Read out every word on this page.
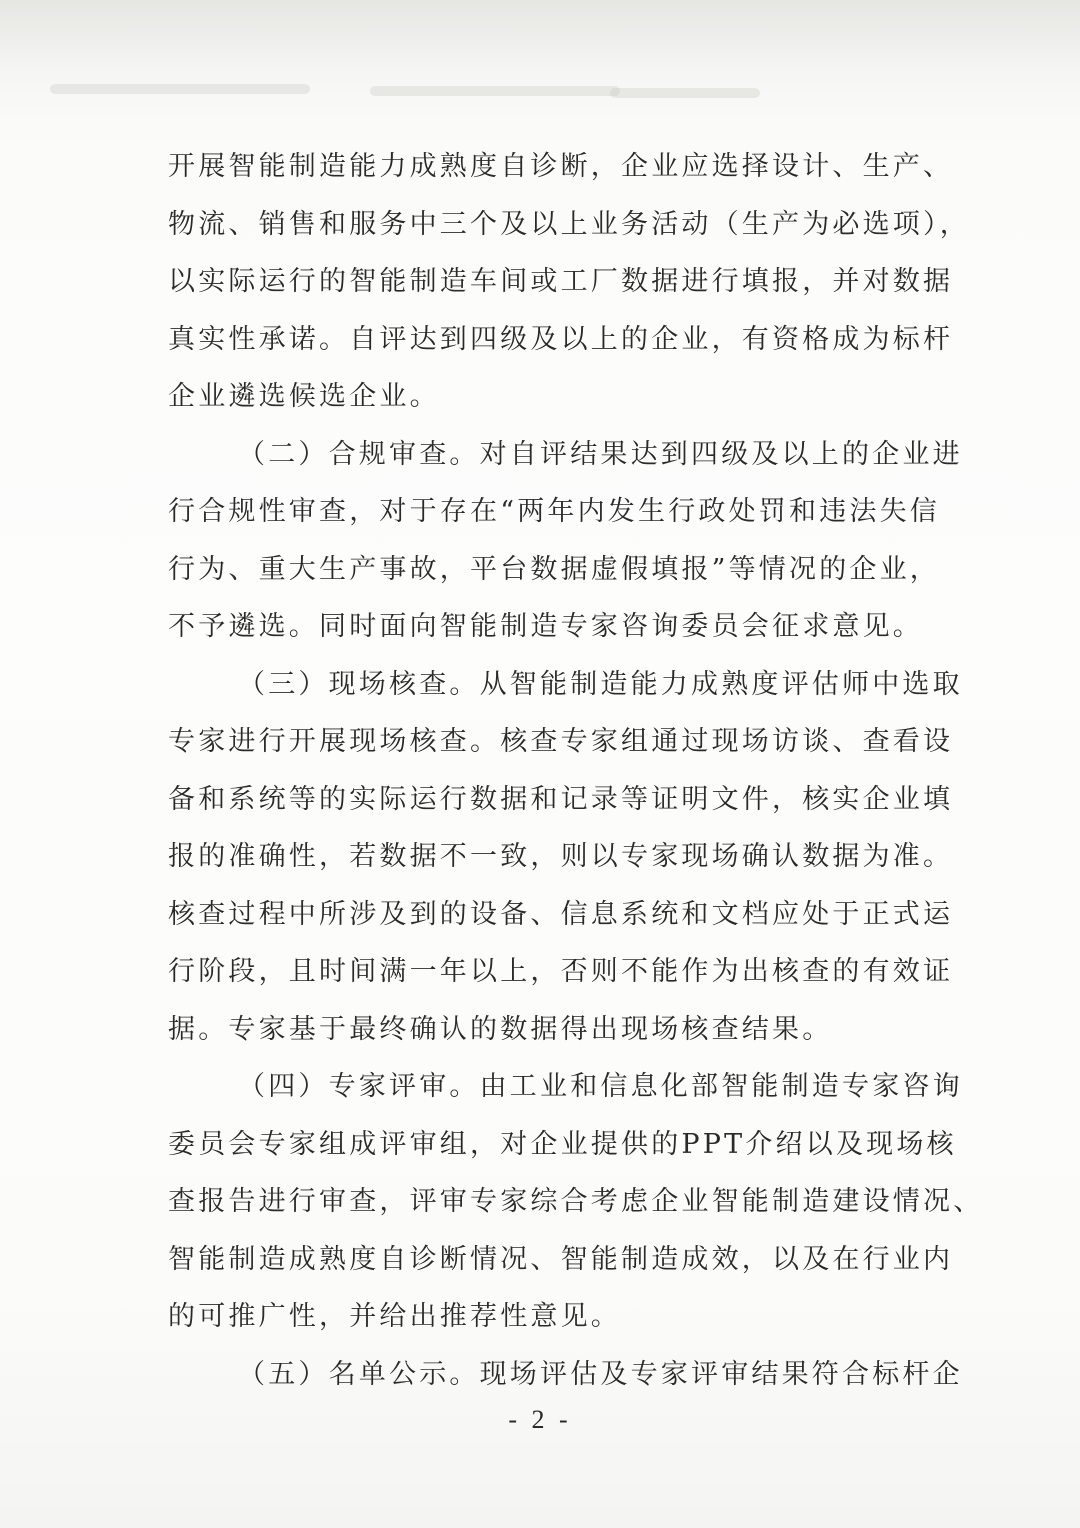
开展智能制造能力成熟度自诊断，企业应选择设计、生产、
物流、销售和服务中三个及以上业务活动（生产为必选项），
以实际运行的智能制造车间或工厂数据进行填报，并对数据
真实性承诺。自评达到四级及以上的企业，有资格成为标杆
企业遴选候选企业。
（二）合规审查。对自评结果达到四级及以上的企业进
行合规性审查，对于存在“两年内发生行政处罚和违法失信
行为、重大生产事故，平台数据虚假填报”等情况的企业，
不予遴选。同时面向智能制造专家咨询委员会征求意见。
（三）现场核查。从智能制造能力成熟度评估师中选取
专家进行开展现场核查。核查专家组通过现场访谈、查看设
备和系统等的实际运行数据和记录等证明文件，核实企业填
报的准确性，若数据不一致，则以专家现场确认数据为准。
核查过程中所涉及到的设备、信息系统和文档应处于正式运
行阶段，且时间满一年以上，否则不能作为出核查的有效证
据。专家基于最终确认的数据得出现场核查结果。
（四）专家评审。由工业和信息化部智能制造专家咨询
委员会专家组成评审组，对企业提供的PPT介绍以及现场核
查报告进行审查，评审专家综合考虑企业智能制造建设情况、
智能制造成熟度自诊断情况、智能制造成效，以及在行业内
的可推广性，并给出推荐性意见。
（五）名单公示。现场评估及专家评审结果符合标杆企
- 2 -
